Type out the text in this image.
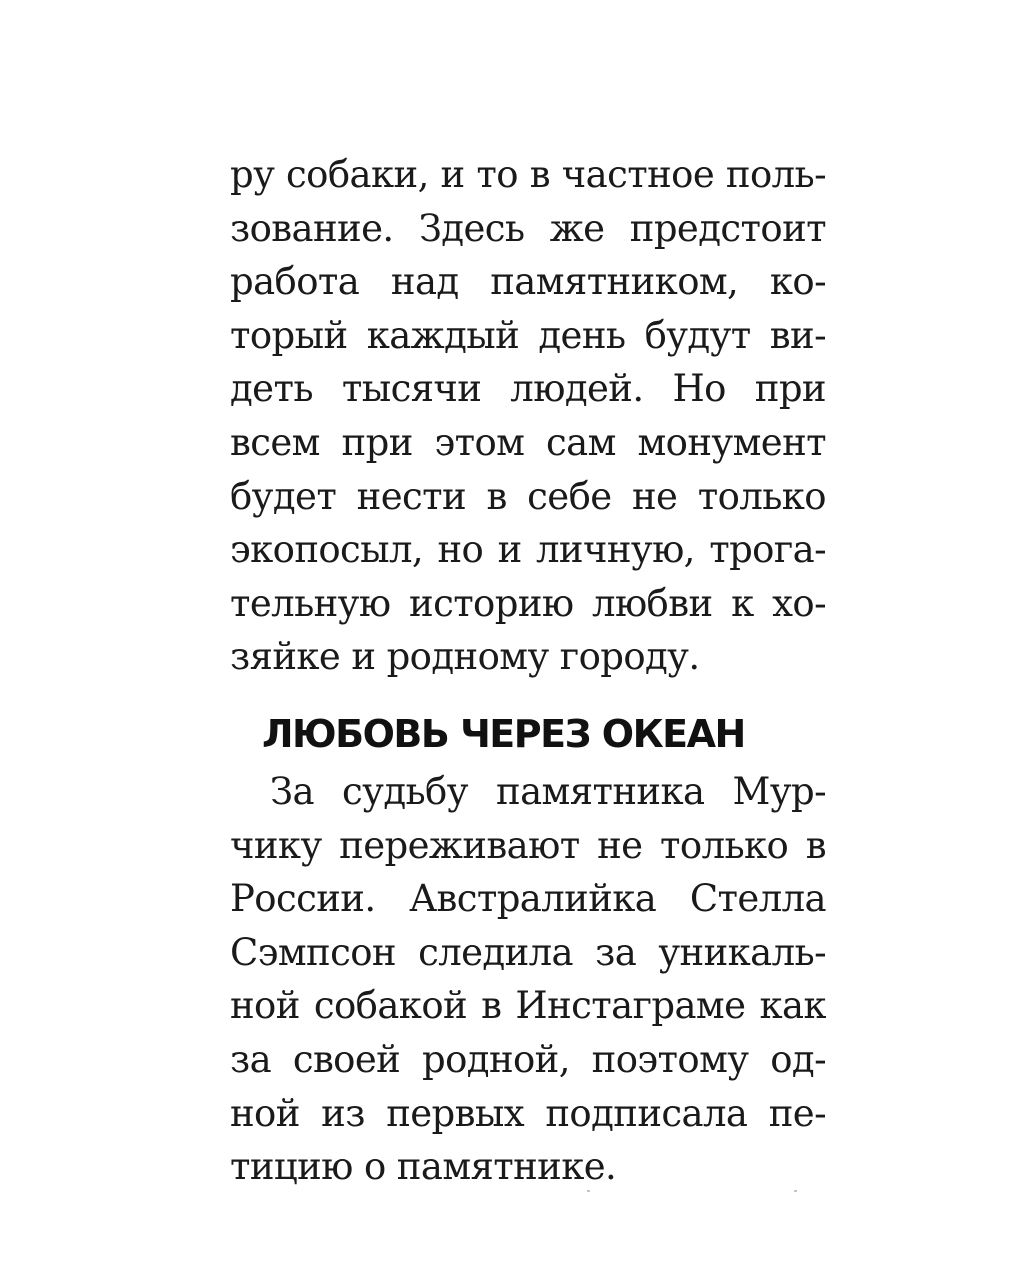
ру собаки, и то в частное поль-
зование. Здесь же предстоит
работа над памятником, ко-
торый каждый день будут ви-
деть тысячи людей. Но при
всем при этом сам монумент
будет нести в себе не только
экопосыл, но и личную, трога-
тельную историю любви к хо-
зяйке и родному городу.
ЛЮБОВЬ ЧЕРЕЗ ОКЕАН
За судьбу памятника Мур-
чику переживают не только в
России. Австралийка Стелла
Сэмпсон следила за уникаль-
ной собакой в Инстаграме как
за своей родной, поэтому од-
ной из первых подписала пе-
тицию о памятнике.
